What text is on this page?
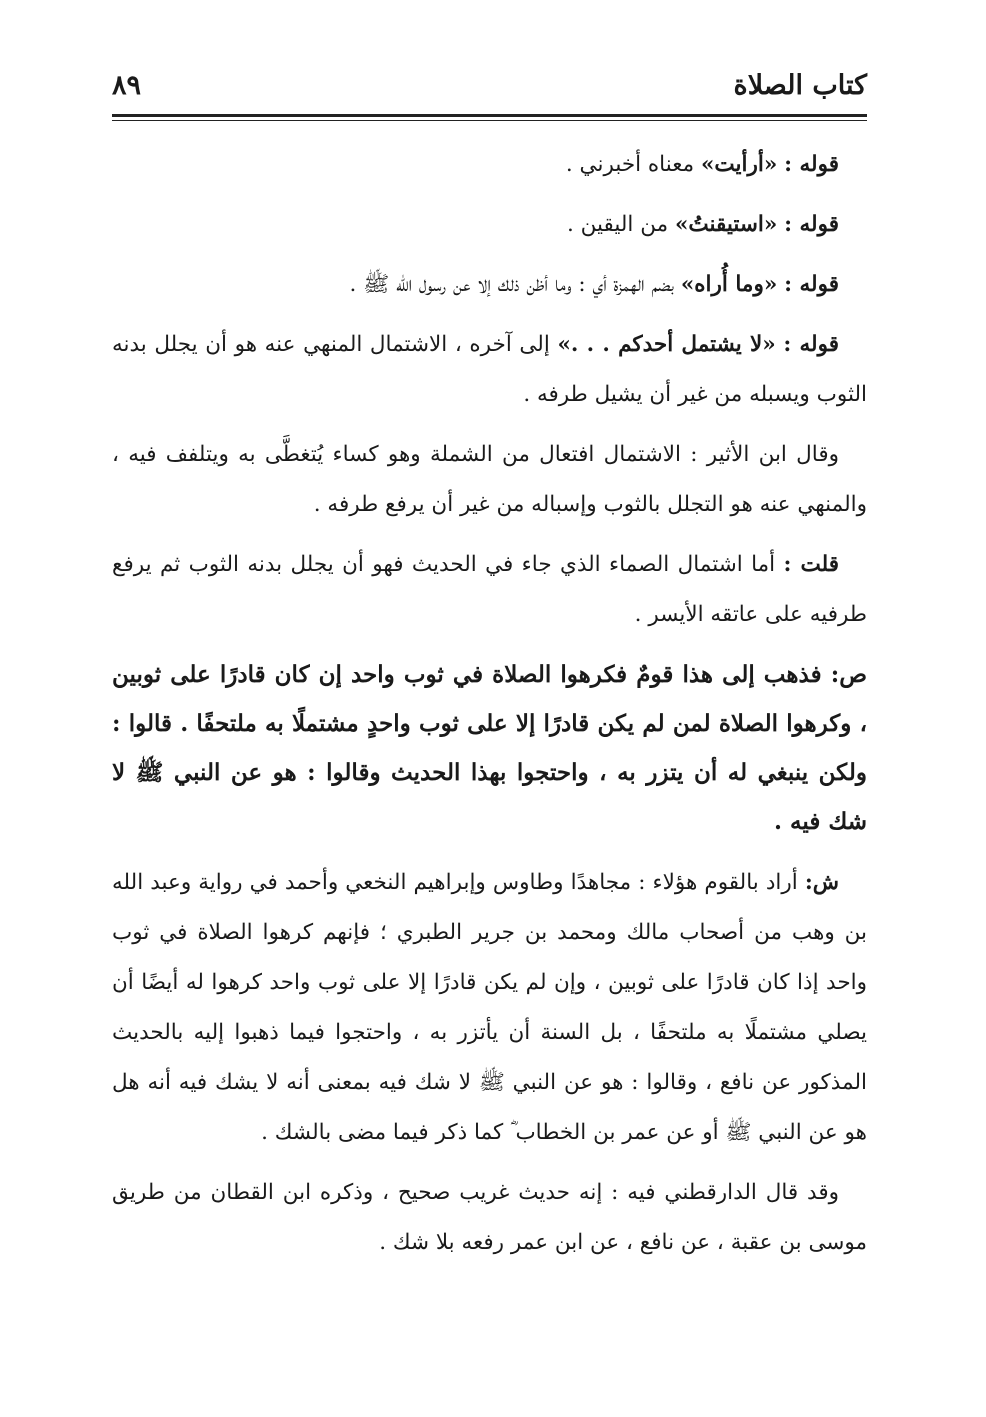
كتاب الصلاة
٨٩

قوله : «أرأيت» معناه أخبرني .

قوله : «استيقنتُ» من اليقين .

قوله : «وما أُراه» بضم الهمزة أي : وما أظن ذلك إلا عن رسول الله ﷺ .

قوله : «لا يشتمل أحدكم . . .» إلى آخره ، الاشتمال المنهي عنه هو أن يجلل بدنه الثوب ويسبله من غير أن يشيل طرفه .

وقال ابن الأثير : الاشتمال افتعال من الشملة وهو كساء يُتغطَّى به ويتلفف فيه ، والمنهي عنه هو التجلل بالثوب وإسباله من غير أن يرفع طرفه .

قلت : أما اشتمال الصماء الذي جاء في الحديث فهو أن يجلل بدنه الثوب ثم يرفع طرفيه على عاتقه الأيسر .

ص: فذهب إلى هذا قومٌ فكرهوا الصلاة في ثوب واحد إن كان قادرًا على ثوبين ، وكرهوا الصلاة لمن لم يكن قادرًا إلا على ثوب واحدٍ مشتملًا به ملتحفًا . قالوا : ولكن ينبغي له أن يتزر به ، واحتجوا بهذا الحديث وقالوا : هو عن النبي ﷺ لا شك فيه .

ش: أراد بالقوم هؤلاء : مجاهدًا وطاوس وإبراهيم النخعي وأحمد في رواية وعبد الله بن وهب من أصحاب مالك ومحمد بن جرير الطبري ؛ فإنهم كرهوا الصلاة في ثوب واحد إذا كان قادرًا على ثوبين ، وإن لم يكن قادرًا إلا على ثوب واحد كرهوا له أيضًا أن يصلي مشتملًا به ملتحفًا ، بل السنة أن يأتزر به ، واحتجوا فيما ذهبوا إليه بالحديث المذكور عن نافع ، وقالوا : هو عن النبي ﷺ لا شك فيه بمعنى أنه لا يشك فيه أنه هل هو عن النبي ﷺ أو عن عمر بن الخطاب ؓ كما ذكر فيما مضى بالشك .

وقد قال الدارقطني فيه : إنه حديث غريب صحيح ، وذكره ابن القطان من طريق موسى بن عقبة ، عن نافع ، عن ابن عمر رفعه بلا شك .
